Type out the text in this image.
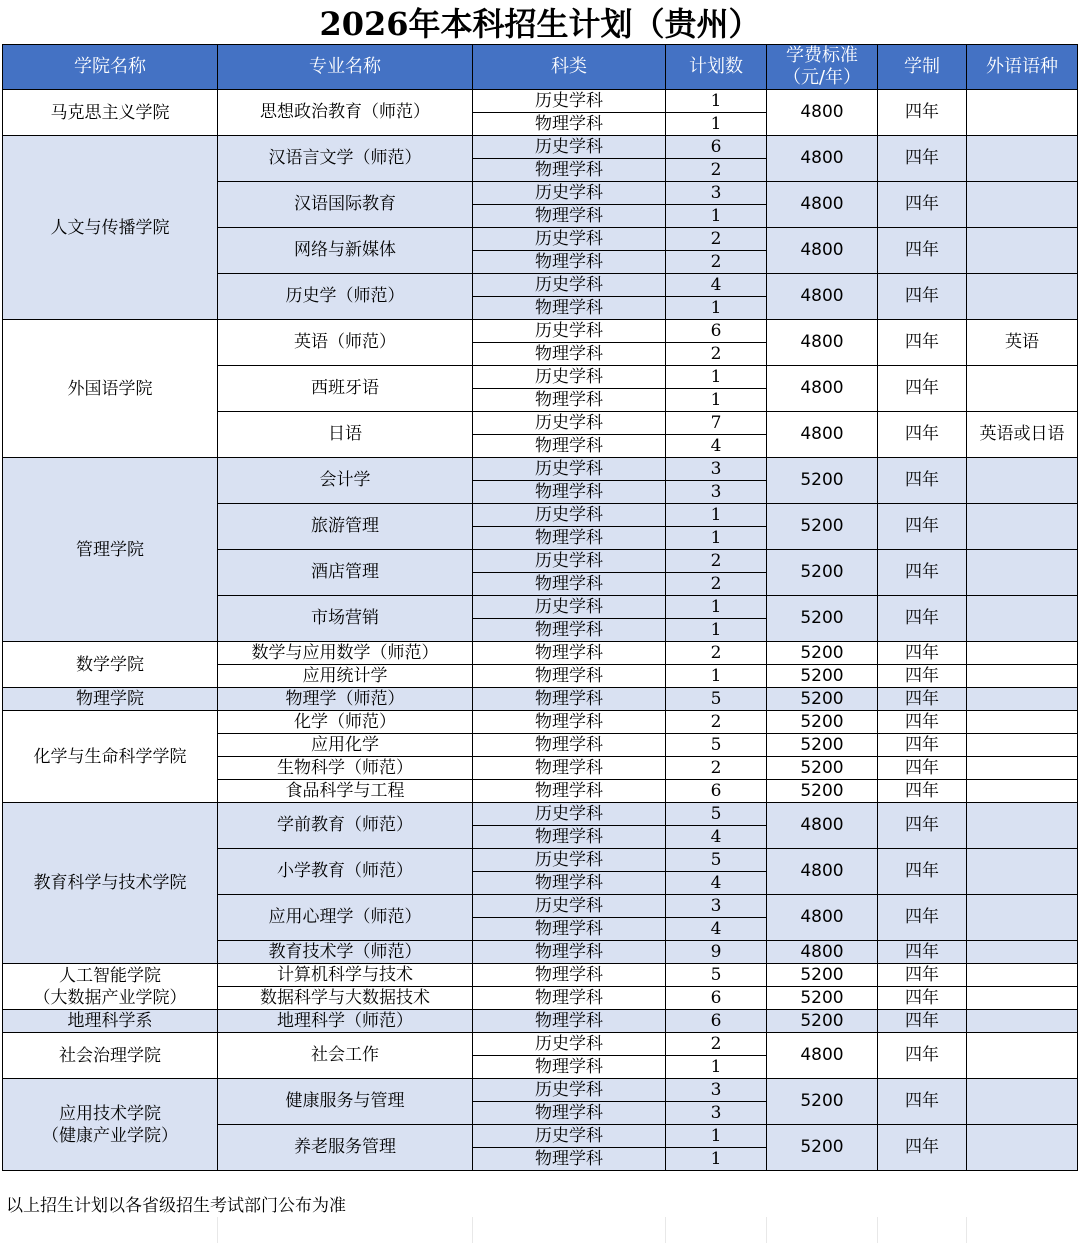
2026年本科招生计划（贵州）
学院名称	专业名称	科类	计划数	学费标准（元/年）	学制	外语语种
马克思主义学院	思想政治教育（师范）	历史学科	1	4800	四年	
		物理学科	1			
人文与传播学院	汉语言文学（师范）	历史学科	6	4800	四年	
		物理学科	2			
	汉语国际教育	历史学科	3	4800	四年	
		物理学科	1			
	网络与新媒体	历史学科	2	4800	四年	
		物理学科	2			
	历史学（师范）	历史学科	4	4800	四年	
		物理学科	1			
外国语学院	英语（师范）	历史学科	6	4800	四年	英语
		物理学科	2			
	西班牙语	历史学科	1	4800	四年	
		物理学科	1			
	日语	历史学科	7	4800	四年	英语或日语
		物理学科	4			
管理学院	会计学	历史学科	3	5200	四年	
		物理学科	3			
	旅游管理	历史学科	1	5200	四年	
		物理学科	1			
	酒店管理	历史学科	2	5200	四年	
		物理学科	2			
	市场营销	历史学科	1	5200	四年	
		物理学科	1			
数学学院	数学与应用数学（师范）	物理学科	2	5200	四年	
	应用统计学	物理学科	1	5200	四年	
物理学院	物理学（师范）	物理学科	5	5200	四年	
化学与生命科学学院	化学（师范）	物理学科	2	5200	四年	
	应用化学	物理学科	5	5200	四年	
	生物科学（师范）	物理学科	2	5200	四年	
	食品科学与工程	物理学科	6	5200	四年	
教育科学与技术学院	学前教育（师范）	历史学科	5	4800	四年	
		物理学科	4			
	小学教育（师范）	历史学科	5	4800	四年	
		物理学科	4			
	应用心理学（师范）	历史学科	3	4800	四年	
		物理学科	4			
	教育技术学（师范）	物理学科	9	4800	四年	
人工智能学院
（大数据产业学院）	计算机科学与技术	物理学科	5	5200	四年	
	数据科学与大数据技术	物理学科	6	5200	四年	
地理科学系	地理科学（师范）	物理学科	6	5200	四年	
社会治理学院	社会工作	历史学科	2	4800	四年	
		物理学科	1			
应用技术学院
（健康产业学院）	健康服务与管理	历史学科	3	5200	四年	
		物理学科	3			
	养老服务管理	历史学科	1	5200	四年	
		物理学科	1			
以上招生计划以各省级招生考试部门公布为准
